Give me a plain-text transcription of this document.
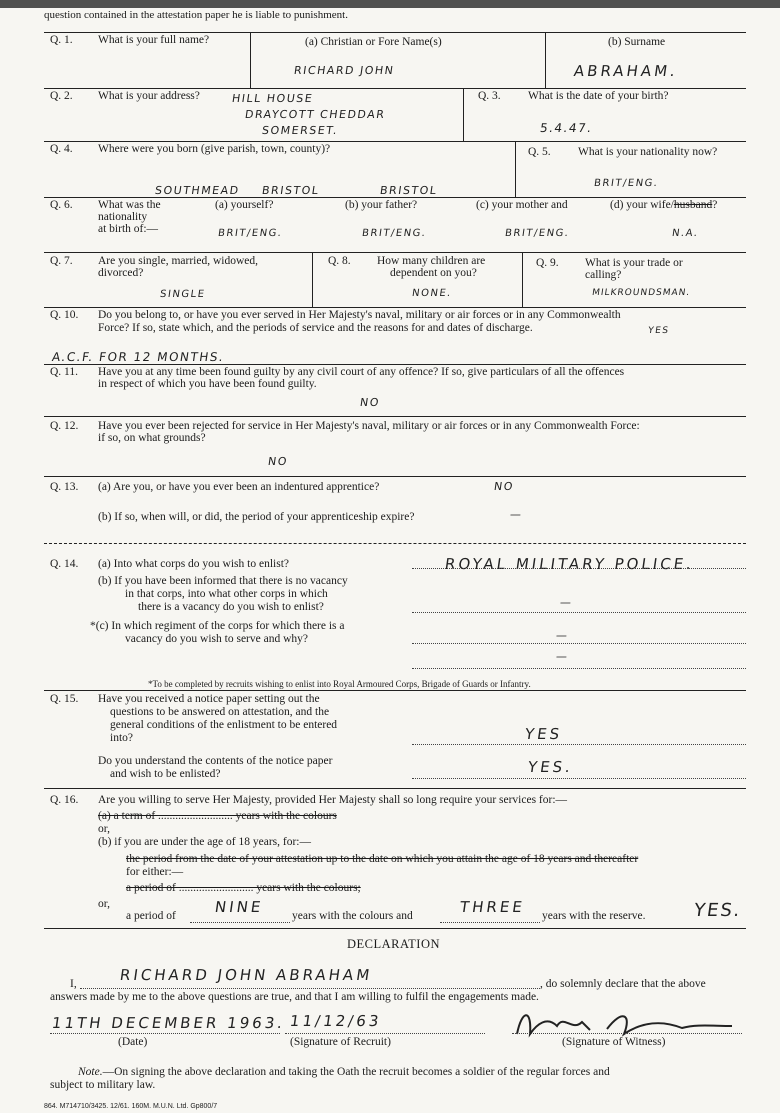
question contained in the attestation paper he is liable to punishment.
Q. 1. What is your full name?	(a) Christian or Fore Name(s)	(b) Surname
RICHARD JOHN	ABRAHAM.
Q. 2. What is your address?	HILL HOUSE
DRAYCOTT CHEDDAR
SOMERSET.
Q. 3. What is the date of your birth?
5.4.47.
Q. 4. Where were you born (give parish, town, county)?	Q. 5. What is your nationality now?
BRIT/ENG.
SOUTHMEAD BRISTOL	BRISTOL
Q. 6. What was the
nationality
at birth of:—
(a) yourself?	(b) your father?	(c) your mother and	(d) your wife/husband?
BRIT/ENG.	BRIT/ENG.	BRIT/ENG.	N.A.
Q. 7. Are you single, married, widowed,
divorced?
SINGLE
Q. 8. How many children are
dependent on you?
NONE.
Q. 9. What is your trade or
calling?
MILKROUNDSMAN.
Q. 10. Do you belong to, or have you ever served in Her Majesty's naval, military or air forces or in any Commonwealth
Force? If so, state which, and the periods of service and the reasons for and dates of discharge.	YES
A.C.F. FOR 12 MONTHS.
Q. 11. Have you at any time been found guilty by any civil court of any offence? If so, give particulars of all the offences
in respect of which you have been found guilty.
NO
Q. 12. Have you ever been rejected for service in Her Majesty's naval, military or air forces or in any Commonwealth Force:
if so, on what grounds?
NO
Q. 13. (a) Are you, or have you ever been an indentured apprentice?	NO
(b) If so, when will, or did, the period of your apprenticeship expire?	—
Q. 14. (a) Into what corps do you wish to enlist?	ROYAL MILITARY POLICE.
(b) If you have been informed that there is no vacancy
in that corps, into what other corps in which
there is a vacancy do you wish to enlist?	—
*(c) In which regiment of the corps for which there is a
vacancy do you wish to serve and why?	—
—
*To be completed by recruits wishing to enlist into Royal Armoured Corps, Brigade of Guards or Infantry.
Q. 15. Have you received a notice paper setting out the
questions to be answered on attestation, and the
general conditions of the enlistment to be entered
into?	YES
Do you understand the contents of the notice paper
and wish to be enlisted?	YES.
Q. 16. Are you willing to serve Her Majesty, provided Her Majesty shall so long require your services for:—
(a) a term of .......................... years with the colours
or,
(b) if you are under the age of 18 years, for:—
the period from the date of your attestation up to the date on which you attain the age of 18 years and thereafter
for either:—
a period of .......................... years with the colours;
or,
a period of	NINE years with the colours and	THREE years with the reserve.	YES.
DECLARATION
I,	RICHARD JOHN ABRAHAM	, do solemnly declare that the above
answers made by me to the above questions are true, and that I am willing to fulfil the engagements made.
11TH DECEMBER 1963. 11/12/63
(Date)	(Signature of Recruit)	(Signature of Witness)
Note.—On signing the above declaration and taking the Oath the recruit becomes a soldier of the regular forces and
subject to military law.
864. M714710/3425. 12/61. 160M. M.U.N. Ltd. Gp800/7
